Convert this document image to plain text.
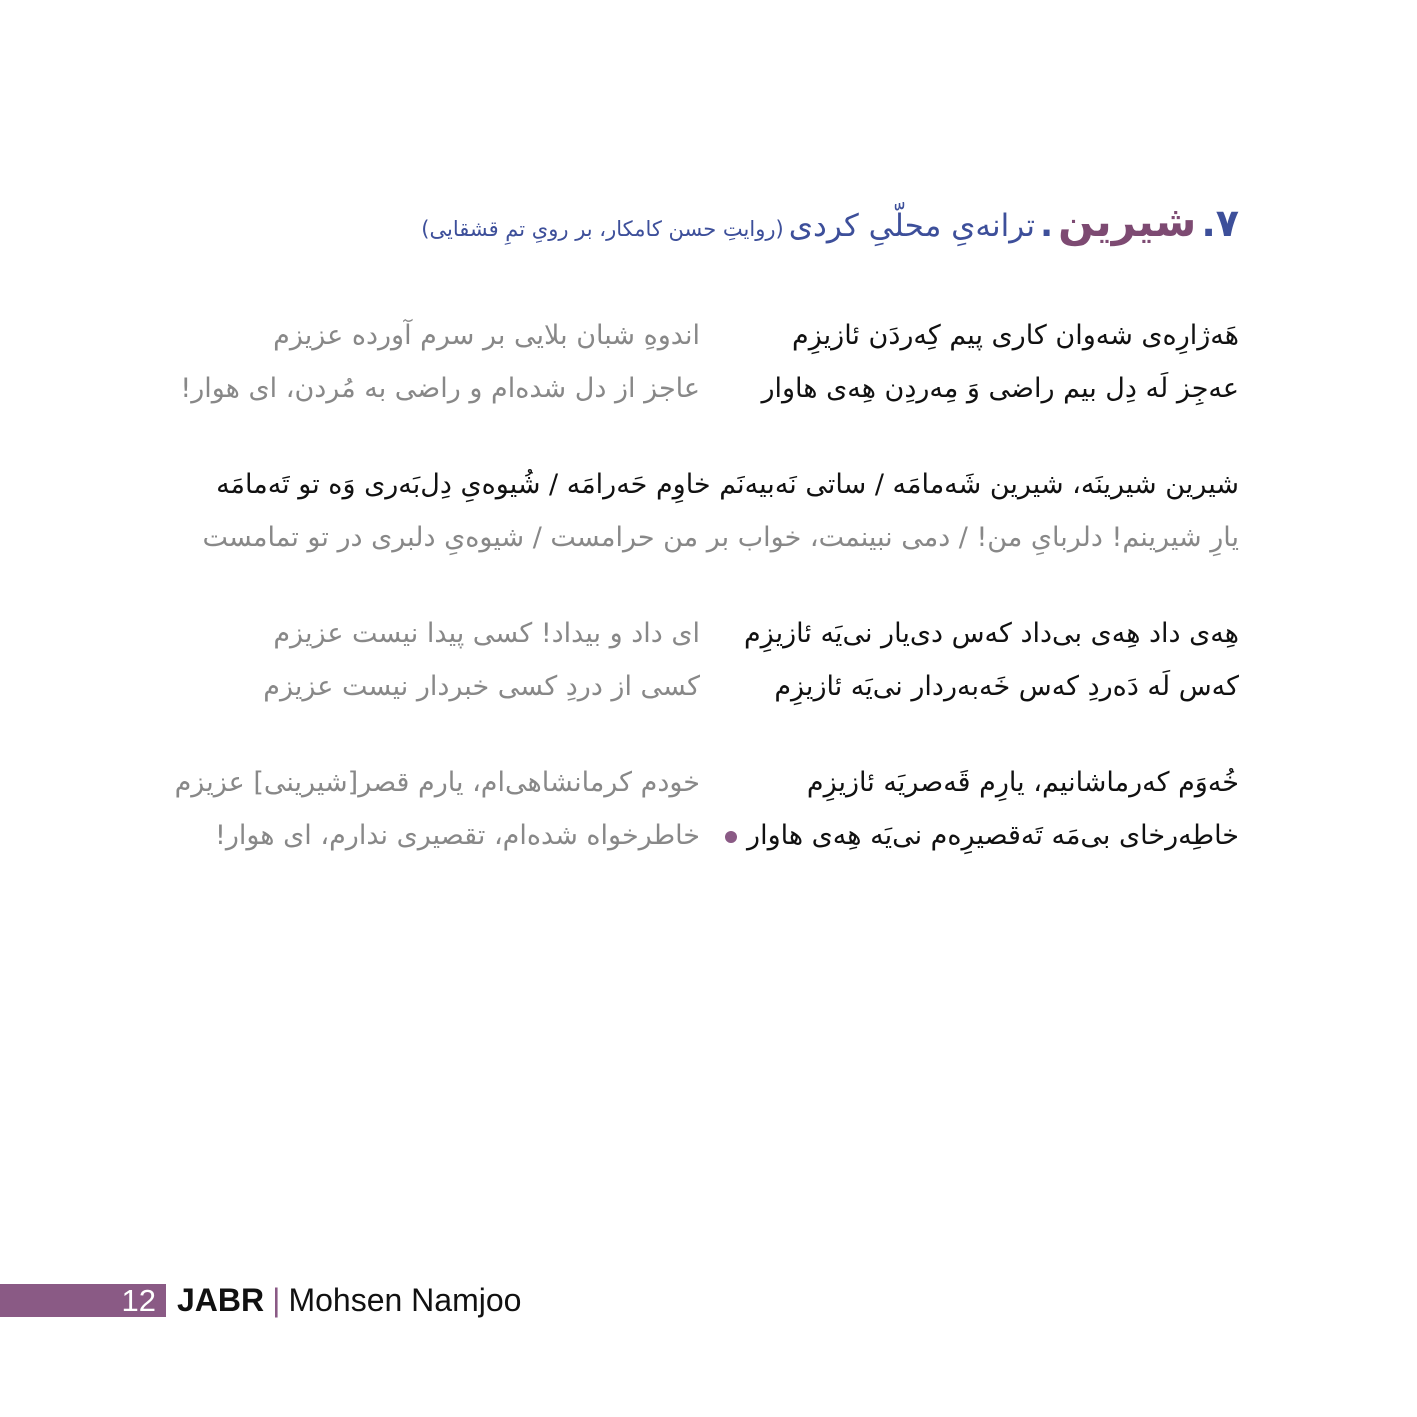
۷. شیرین . ترانه‌یِ محلّیِ کردی (روایتِ حسن کامکار، بر رویِ تمِ قشقایی)
هَه‌ژارِه‌ی شه‌وان کاری پیم کِه‌ردَن ئازیزِم
اندوهِ شبان بلایی بر سرم آورده عزیزم
عه‌جِز لَه دِل بیم راضی وَ مِه‌ردِن هِه‌ی هاوار
عاجز از دل شده‌ام و راضی به مُردن، ای هوار!
شیرین شیرینَه، شیرین شَه‌مامَه / ساتی نَه‌بیه‌نَم خاوِم حَه‌رامَه / شُیوه‌یِ دِل‌بَه‌ری وَه تو تَه‌مامَه
یارِ شیرینم! دلربایِ من! / دمی نبینمت، خواب بر من حرامست / شیوه‌یِ دلبری در تو تمامست
هِه‌ی داد هِه‌ی بی‌داد که‌س دی‌یار نی‌یَه ئازیزِم
ای داد و بیداد! کسی پیدا نیست عزیزم
که‌س لَه دَه‌ردِ که‌س خَه‌به‌ردار نی‌یَه ئازیزِم
کسی از دردِ کسی خبردار نیست عزیزم
خُه‌وَم که‌رماشانیم، یارِم قَه‌صریَه ئازیزِم
خودم کرمانشاهی‌ام، یارم قصر[شیرینی] عزیزم
خاطِه‌رخای بی‌مَه تَه‌قصیرِه‌م نی‌یَه هِه‌ی هاوار
خاطرخواه شده‌ام، تقصیری ندارم، ای هوار!
12 JABR | Mohsen Namjoo
